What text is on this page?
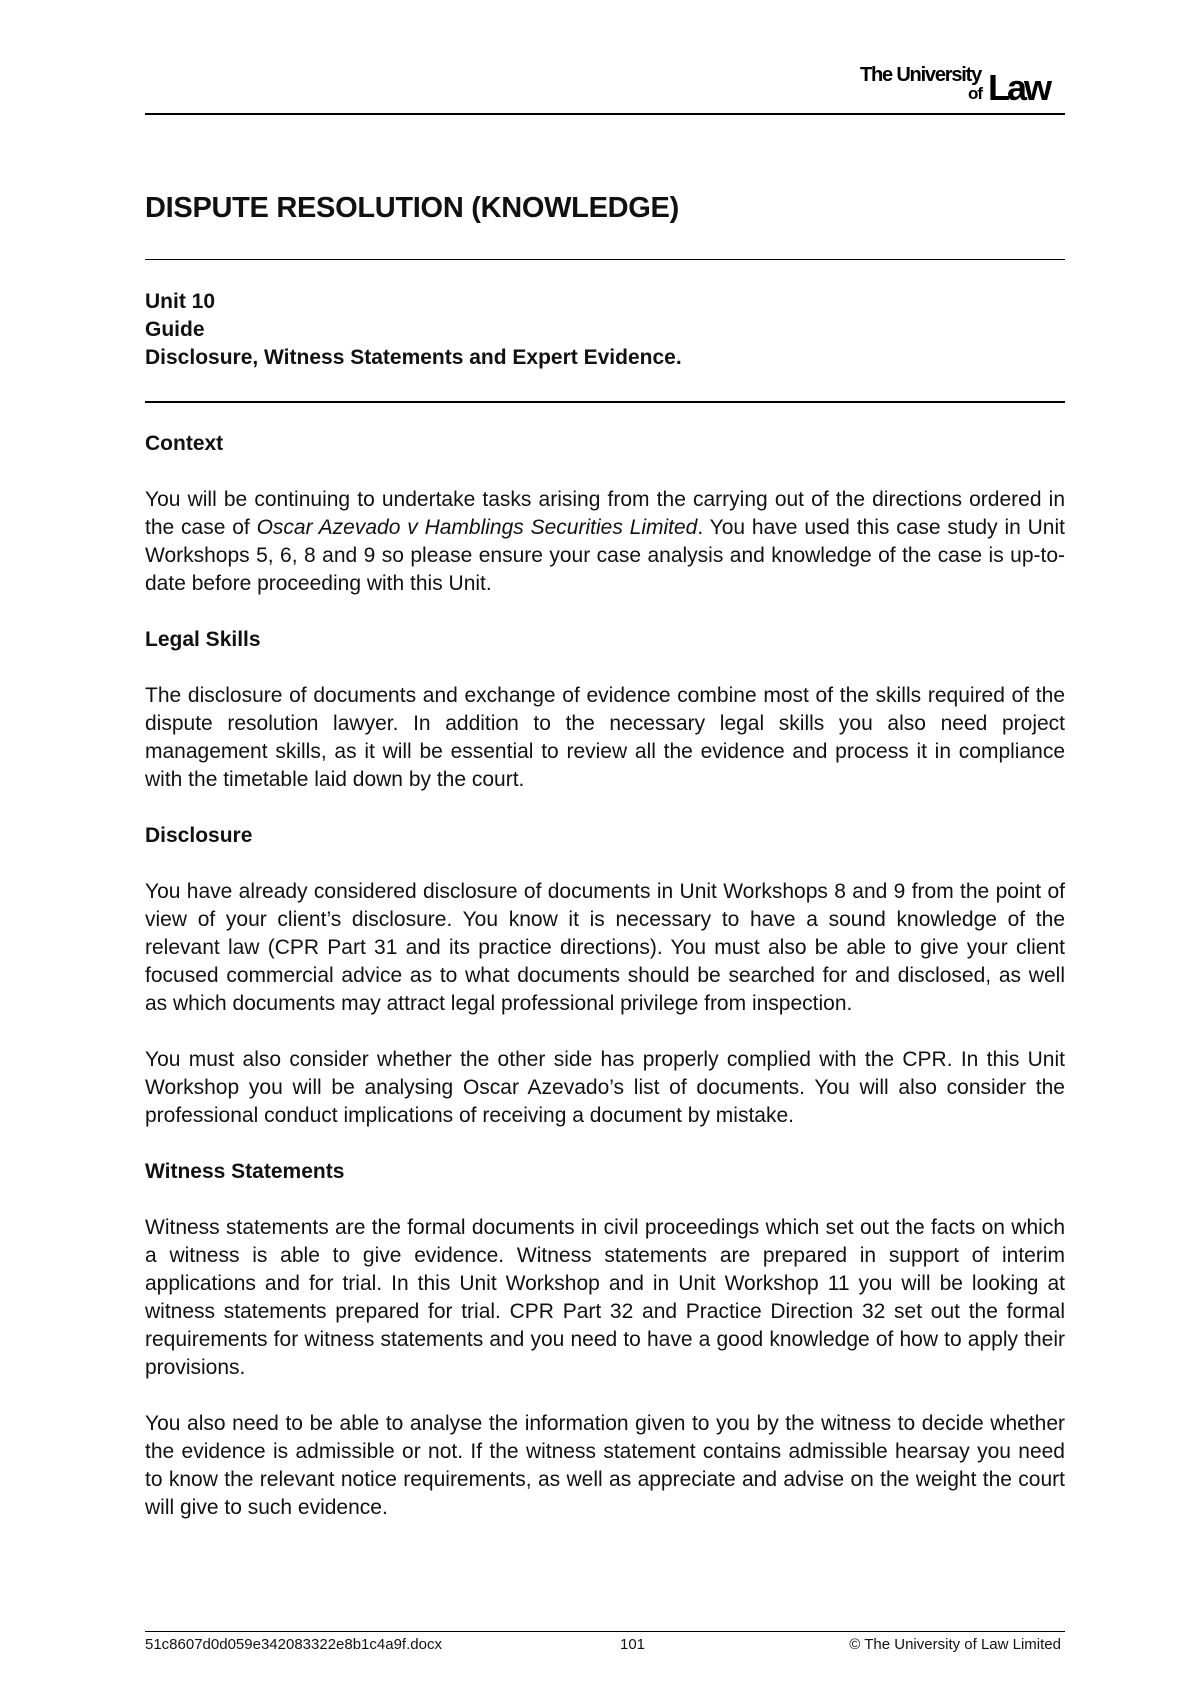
The University
of Law
DISPUTE RESOLUTION (KNOWLEDGE)
Unit 10
Guide
Disclosure, Witness Statements and Expert Evidence.
Context

You will be continuing to undertake tasks arising from the carrying out of the directions ordered in the case of Oscar Azevado v Hamblings Securities Limited. You have used this case study in Unit Workshops 5, 6, 8 and 9 so please ensure your case analysis and knowledge of the case is up-to-date before proceeding with this Unit.

Legal Skills

The disclosure of documents and exchange of evidence combine most of the skills required of the dispute resolution lawyer. In addition to the necessary legal skills you also need project management skills, as it will be essential to review all the evidence and process it in compliance with the timetable laid down by the court.

Disclosure

You have already considered disclosure of documents in Unit Workshops 8 and 9 from the point of view of your client’s disclosure. You know it is necessary to have a sound knowledge of the relevant law (CPR Part 31 and its practice directions). You must also be able to give your client focused commercial advice as to what documents should be searched for and disclosed, as well as which documents may attract legal professional privilege from inspection.

You must also consider whether the other side has properly complied with the CPR. In this Unit Workshop you will be analysing Oscar Azevado’s list of documents. You will also consider the professional conduct implications of receiving a document by mistake.

Witness Statements

Witness statements are the formal documents in civil proceedings which set out the facts on which a witness is able to give evidence. Witness statements are prepared in support of interim applications and for trial. In this Unit Workshop and in Unit Workshop 11 you will be looking at witness statements prepared for trial. CPR Part 32 and Practice Direction 32 set out the formal requirements for witness statements and you need to have a good knowledge of how to apply their provisions.

You also need to be able to analyse the information given to you by the witness to decide whether the evidence is admissible or not. If the witness statement contains admissible hearsay you need to know the relevant notice requirements, as well as appreciate and advise on the weight the court will give to such evidence.

51c8607d0d059e342083322e8b1c4a9f.docx	101	© The University of Law Limited
